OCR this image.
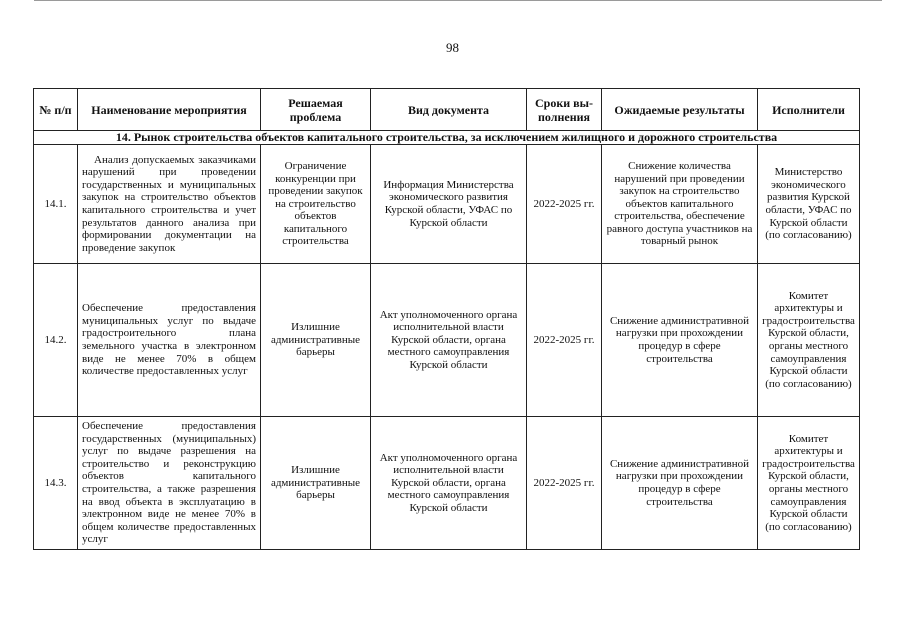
98
№ п/п	Наименование мероприятия	Решаемая проблема	Вид документа	Сроки вы-полнения	Ожидаемые результаты	Исполнители
14. Рынок строительства объектов капитального строительства, за исключением жилищного и дорожного строительства						
14.1.	Анализ допускаемых заказчиками нарушений при проведении государственных и муниципальных закупок на строительство объектов капитального строительства и учет результатов данного анализа при формировании документации на проведение закупок	Ограничение конкуренции при проведении закупок на строительство объектов капитального строительства	Информация Министерства экономического развития Курской области, УФАС по Курской области	2022-2025 гг.	Снижение количества нарушений при проведении закупок на строительство объектов капитального строительства, обеспечение равного доступа участников на товарный рынок	Министерство экономического развития Курской области, УФАС по Курской области (по согласованию)
14.2.	Обеспечение предоставления муниципальных услуг по выдаче градостроительного плана земельного участка в электронном виде не менее 70% в общем количестве предоставленных услуг	Излишние административные барьеры	Акт уполномоченного органа исполнительной власти Курской области, органа местного самоуправления Курской области	2022-2025 гг.	Снижение административной нагрузки при прохождении процедур в сфере строительства	Комитет архитектуры и градостроительства Курской области, органы местного самоуправления Курской области (по согласованию)
14.3.	Обеспечение предоставления государственных (муниципальных) услуг по выдаче разрешения на строительство и реконструкцию объектов капитального строительства, а также разрешения на ввод объекта в эксплуатацию в электронном виде не менее 70% в общем количестве предоставленных услуг	Излишние административные барьеры	Акт уполномоченного органа исполнительной власти Курской области, органа местного самоуправления Курской области	2022-2025 гг.	Снижение административной нагрузки при прохождении процедур в сфере строительства	Комитет архитектуры и градостроительства Курской области, органы местного самоуправления Курской области (по согласованию)
